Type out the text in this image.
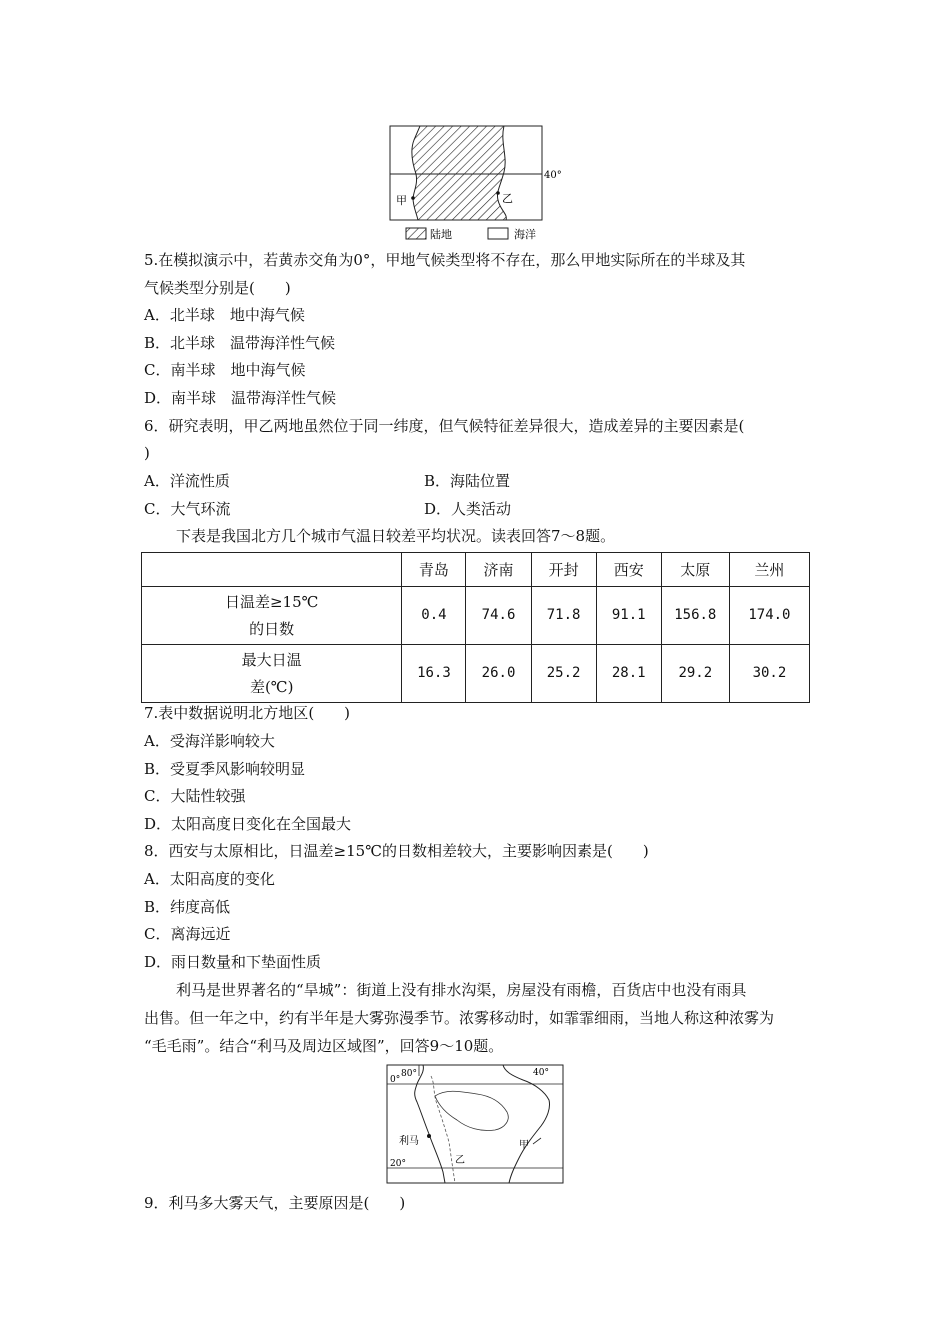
40°
甲	乙
陆地	海洋
5.在模拟演示中，若黄赤交角为0°，甲地气候类型将不存在，那么甲地实际所在的半球及其
气候类型分别是(　　)
A．北半球　地中海气候
B．北半球　温带海洋性气候
C．南半球　地中海气候
D．南半球　温带海洋性气候
6．研究表明，甲乙两地虽然位于同一纬度，但气候特征差异很大，造成差异的主要因素是(
)
A．洋流性质	B．海陆位置
C．大气环流	D．人类活动
下表是我国北方几个城市气温日较差平均状况。读表回答7～8题。
	青岛	济南	开封	西安	太原	兰州

日温差≥15℃
的日数	0.4	74.6	71.8	91.1	156.8	174.0

最大日温
差(℃)	16.3	26.0	25.2	28.1	29.2	30.2
7.表中数据说明北方地区(　　)
A．受海洋影响较大
B．受夏季风影响较明显
C．大陆性较强
D．太阳高度日变化在全国最大
8．西安与太原相比，日温差≥15℃的日数相差较大，主要影响因素是(　　)
A．太阳高度的变化
B．纬度高低
C．离海远近
D．雨日数量和下垫面性质
利马是世界著名的“旱城”：街道上没有排水沟渠，房屋没有雨檐，百货店中也没有雨具
出售。但一年之中，约有半年是大雾弥漫季节。浓雾移动时，如霏霏细雨，当地人称这种浓雾为
“毛毛雨”。结合“利马及周边区域图”，回答9～10题。
80°
0°
40°
20°
利马
乙
甲
9．利马多大雾天气，主要原因是(　　)
